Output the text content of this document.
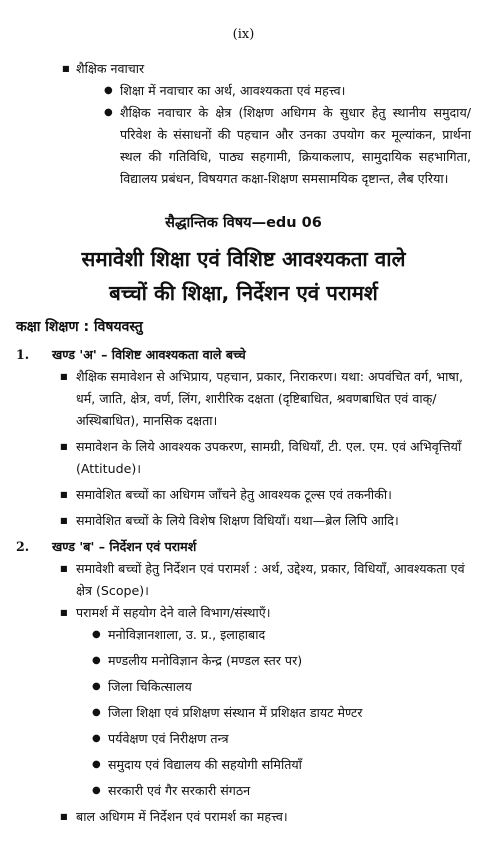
(ix)
■ शैक्षिक नवाचार
● शिक्षा में नवाचार का अर्थ, आवश्यकता एवं महत्त्व।
● शैक्षिक नवाचार के क्षेत्र (शिक्षण अधिगम के सुधार हेतु स्थानीय समुदाय/ परिवेश के संसाधनों की पहचान और उनका उपयोग कर मूल्यांकन, प्रार्थना स्थल की गतिविधि, पाठ्य सहगामी, क्रियाकलाप, सामुदायिक सहभागिता, विद्यालय प्रबंधन, विषयगत कक्षा-शिक्षण समसामयिक दृष्टान्त, लैब एरिया।
सैद्धान्तिक विषय—edu 06
समावेशी शिक्षा एवं विशिष्ट आवश्यकता वाले
बच्चों की शिक्षा, निर्देशन एवं परामर्श
कक्षा शिक्षण : विषयवस्तु
1. खण्ड 'अ' – विशिष्ट आवश्यकता वाले बच्चे
■ शैक्षिक समावेशन से अभिप्राय, पहचान, प्रकार, निराकरण। यथा: अपवंचित वर्ग, भाषा, धर्म, जाति, क्षेत्र, वर्ण, लिंग, शारीरिक दक्षता (दृष्टिबाधित, श्रवणबाधित एवं वाक्/अस्थिबाधित), मानसिक दक्षता।
■ समावेशन के लिये आवश्यक उपकरण, सामग्री, विधियाँ, टी. एल. एम. एवं अभिवृत्तियाँ (Attitude)।
■ समावेशित बच्चों का अधिगम जाँचने हेतु आवश्यक टूल्स एवं तकनीकी।
■ समावेशित बच्चों के लिये विशेष शिक्षण विधियाँ। यथा—ब्रेल लिपि आदि।
2. खण्ड 'ब' – निर्देशन एवं परामर्श
■ समावेशी बच्चों हेतु निर्देशन एवं परामर्श : अर्थ, उद्देश्य, प्रकार, विधियाँ, आवश्यकता एवं क्षेत्र (Scope)।
■ परामर्श में सहयोग देने वाले विभाग/संस्थाएँ।
● मनोविज्ञानशाला, उ. प्र., इलाहाबाद
● मण्डलीय मनोविज्ञान केन्द्र (मण्डल स्तर पर)
● जिला चिकित्सालय
● जिला शिक्षा एवं प्रशिक्षण संस्थान में प्रशिक्षत डायट मेण्टर
● पर्यवेक्षण एवं निरीक्षण तन्त्र
● समुदाय एवं विद्यालय की सहयोगी समितियाँ
● सरकारी एवं गैर सरकारी संगठन
■ बाल अधिगम में निर्देशन एवं परामर्श का महत्त्व।
